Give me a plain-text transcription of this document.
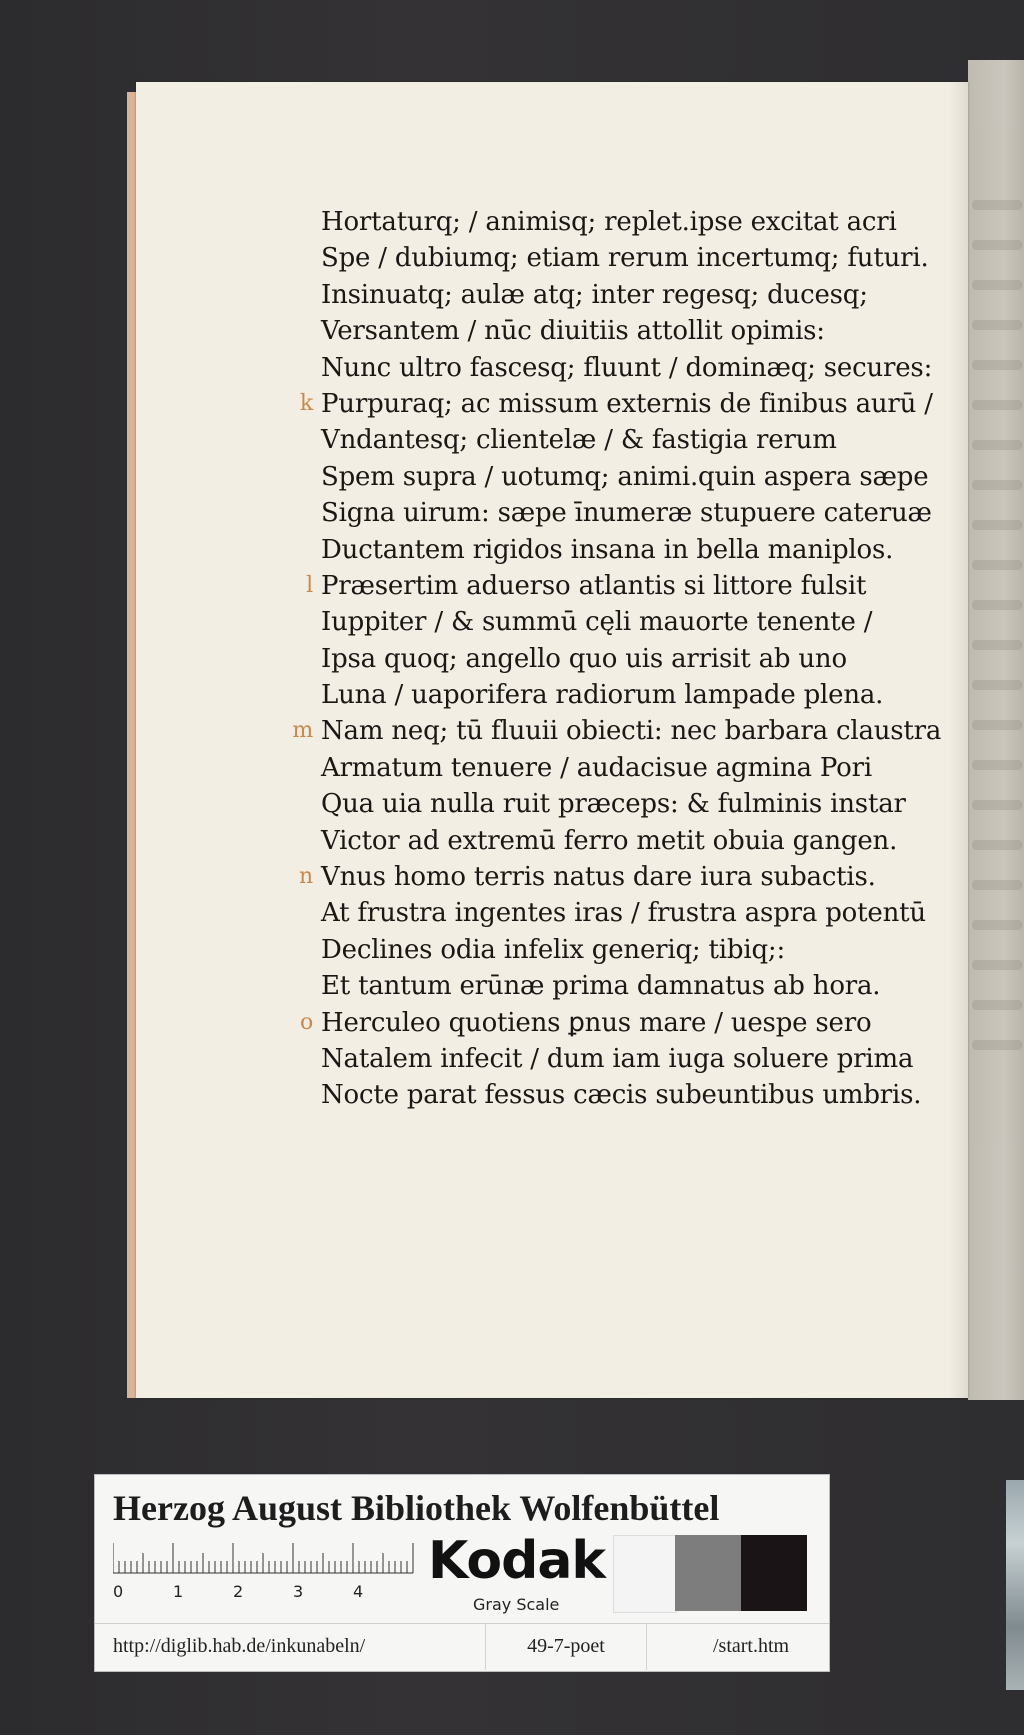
Hortaturq; / animisq; replet.ipse excitat acri
Spe / dubiumq; etiam rerum incertumq; futuri.
Insinuatq; aulæ atq; inter regesq; ducesq;
Versantem / nūc diuitiis attollit opimis:
Nunc ultro fascesq; fluunt / dominæq; secures:
k Purpuraq; ac missum externis de finibus aurū /
Vndantesq; clientelæ / & fastigia rerum
Spem supra / uotumq; animi.quin aspera sæpe
Signa uirum: sæpe īnumeræ stupuere cateruæ
Ductantem rigidos insana in bella maniplos.
l Præsertim aduerso atlantis si littore fulsit
Iuppiter / & summū cęli mauorte tenente /
Ipsa quoq; angello quo uis arrisit ab uno
Luna / uaporifera radiorum lampade plena.
m Nam neq; tū fluuii obiecti: nec barbara claustra
Armatum tenuere / audacisue agmina Pori
Qua uia nulla ruit præceps: & fulminis instar
Victor ad extremū ferro metit obuia gangen.
n Vnus homo terris natus dare iura subactis.
At frustra ingentes iras / frustra aspra potentū
Declines odia infelix generiq; tibiq;:
Et tantum erūnæ prima damnatus ab hora.
o Herculeo quotiens ꝑnus mare / uespe sero
Natalem infecit / dum iam iuga soluere prima
Nocte parat fessus cæcis subeuntibus umbris.
Herzog August Bibliothek Wolfenbüttel
0	1	2	3	4
Kodak
Gray Scale
http://diglib.hab.de/inkunabeln/	49-7-poet	/start.htm
